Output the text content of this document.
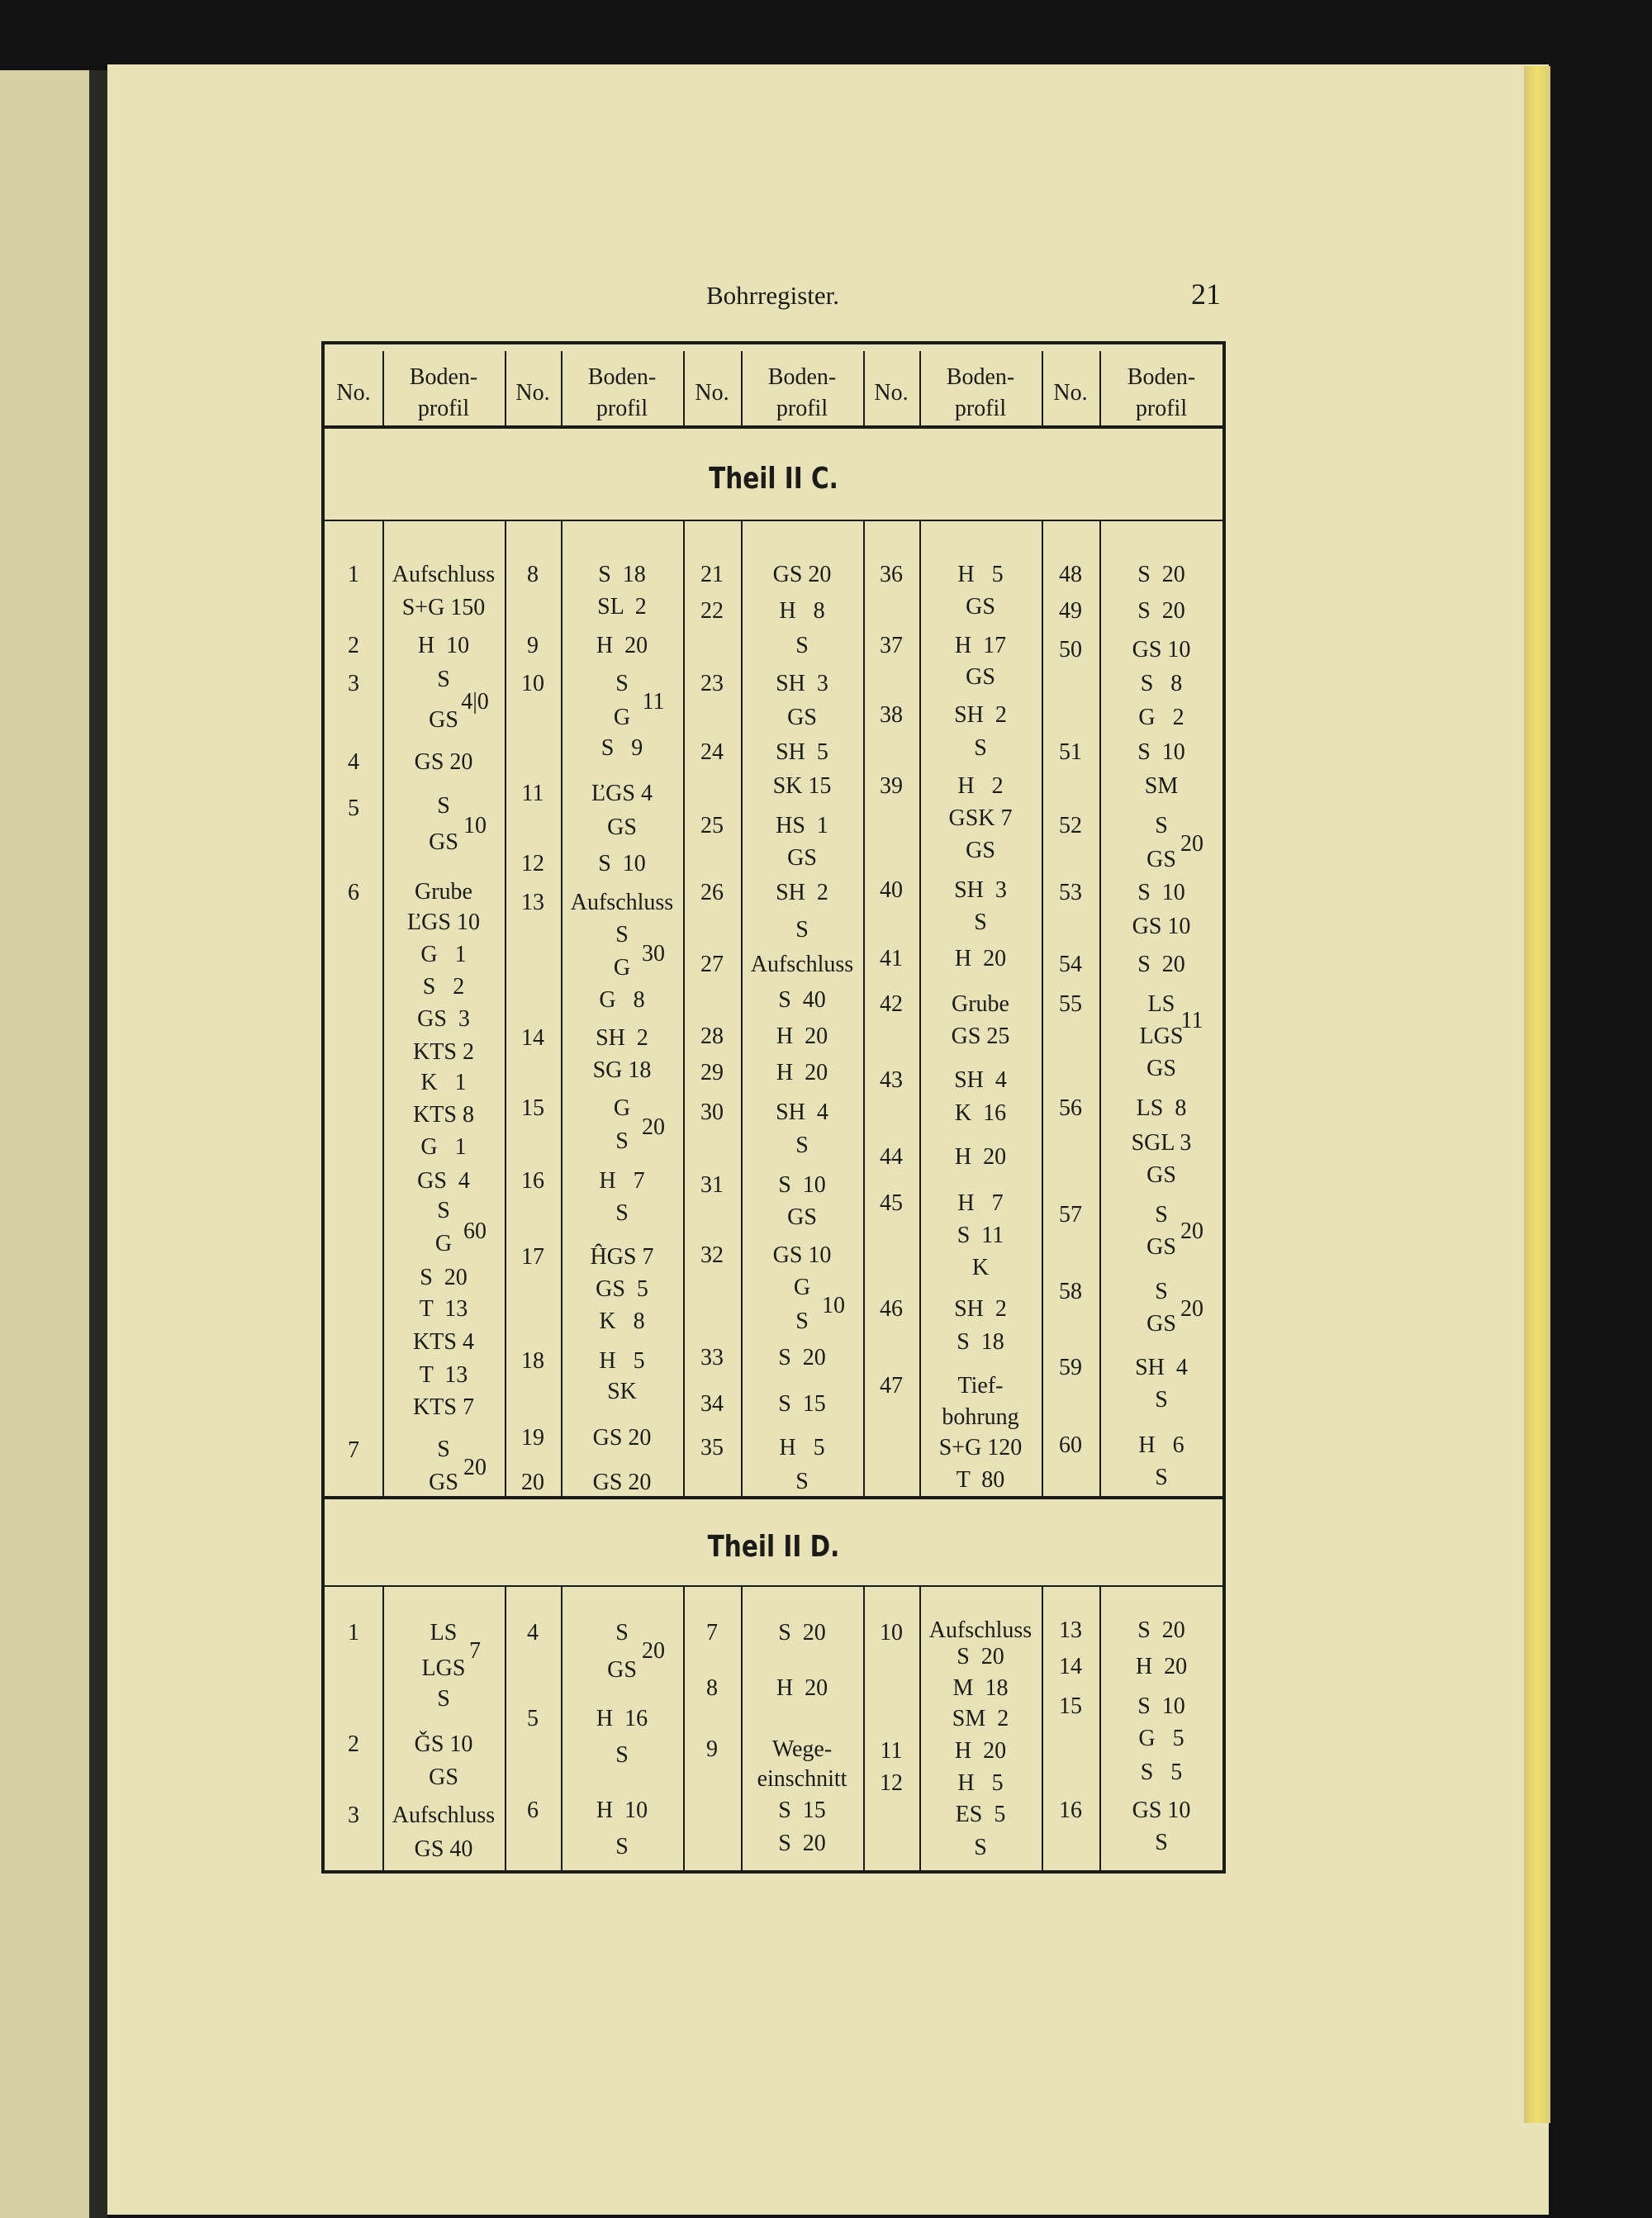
Bohrregister.	21
No.
Boden-
profil
No.
Boden-
profil
No.
Boden-
profil
No.
Boden-
profil
No.
Boden-
profil
Theil II C.
Theil II D.
1
2
3
4
5
6
7
Aufschluss
S+G 150
H  10
S
GS
4|0
GS 20
S
GS
10
Grube
ĽGS 10
G   1
S   2
GS  3
KTS 2
K   1
KTS 8
G   1
GS  4
S
G 60
S  20
T  13
KTS 4
T  13
KTS 7
S
GS
20
8
9
10
11
12
13
14
15
16
17
18
19
20
S  18
SL  2
H  20
S
G
11
S   9
ĽGS 4
GS
S  10
Aufschluss
S
G
30
G   8
SH  2
SG 18
G
S
20
H   7
S
ĤGS 7
GS  5
K   8
H   5
SK
GS 20
GS 20
21
22
23
24
25
26
27
28
29
30
31
32
33
34
35
GS 20
H   8
S
SH  3
GS
SH  5
SK 15
HS  1
GS
SH  2
S
Aufschluss
S  40
H  20
H  20
SH  4
S
S  10
GS
GS 10
G
S
10
S  20
S  15
H   5
S
36
37
38
39
40
41
42
43
44
45
46
47
H   5
GS
H  17
GS
SH  2
S
H   2
GSK 7
GS
SH  3
S
H  20
Grube
GS 25
SH  4
K  16
H  20
H   7
S  11
K
SH  2
S  18
Tief-
bohrung
S+G 120
T  80
48
49
50
51
52
53
54
55
56
57
58
59
60
S  20
S  20
GS 10
S   8
G   2
S  10
SM
S
GS
20
S  10
GS 10
S  20
LS
LGS
11
GS
LS  8
SGL 3
GS
S
GS
20
S
GS
20
SH  4
S
H   6
S
1
2
3
LS
LGS
7
S
ǦS 10
GS
Aufschluss
GS 40
4
5
6
S
GS
20
H  16
S
H  10
S
7
8
9
S  20
H  20
Wege-
einschnitt
S  15
S  20
10
11
12
Aufschluss
S  20
M  18
SM  2
H  20
H   5
ES  5
S
13
14
15
16
S  20
H  20
S  10
G   5
S   5
GS 10
S
